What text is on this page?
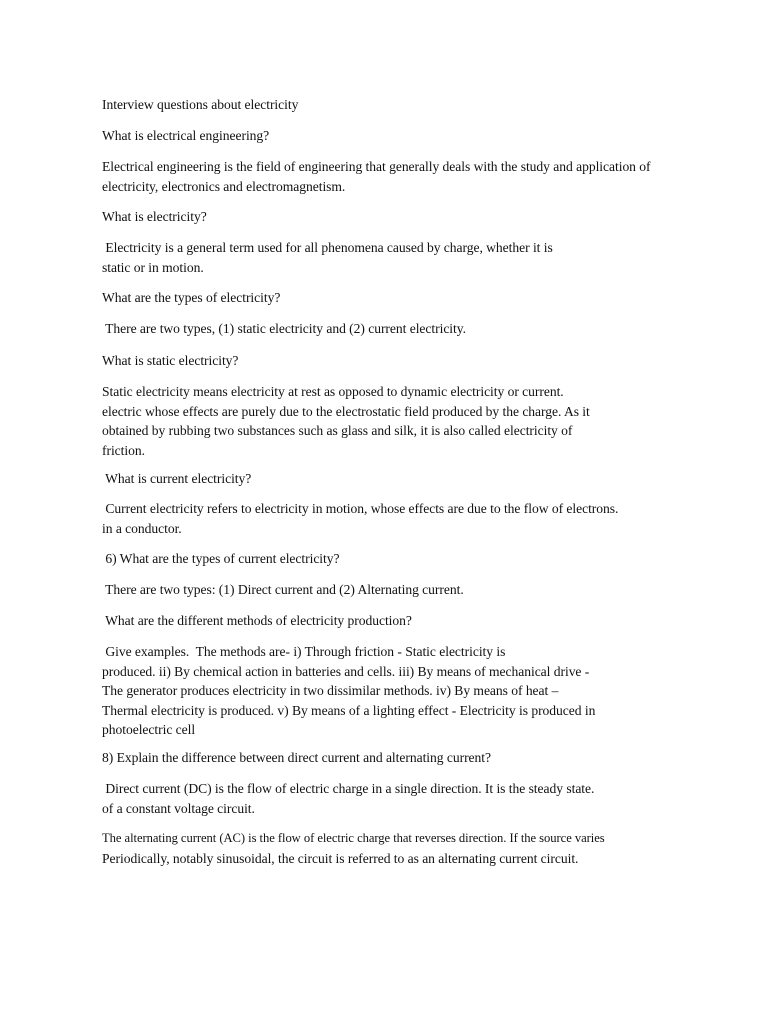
Interview questions about electricity

What is electrical engineering?

Electrical engineering is the field of engineering that generally deals with the study and application of
electricity, electronics and electromagnetism.

What is electricity?

Electricity is a general term used for all phenomena caused by charge, whether it is
static or in motion.

What are the types of electricity?

There are two types, (1) static electricity and (2) current electricity.

What is static electricity?

Static electricity means electricity at rest as opposed to dynamic electricity or current.
electric whose effects are purely due to the electrostatic field produced by the charge. As it
obtained by rubbing two substances such as glass and silk, it is also called electricity of
friction.

What is current electricity?

Current electricity refers to electricity in motion, whose effects are due to the flow of electrons.
in a conductor.

6) What are the types of current electricity?

There are two types: (1) Direct current and (2) Alternating current.

What are the different methods of electricity production?

Give examples.  The methods are- i) Through friction - Static electricity is
produced. ii) By chemical action in batteries and cells. iii) By means of mechanical drive -
The generator produces electricity in two dissimilar methods. iv) By means of heat –
Thermal electricity is produced. v) By means of a lighting effect - Electricity is produced in
photoelectric cell

8) Explain the difference between direct current and alternating current?

Direct current (DC) is the flow of electric charge in a single direction. It is the steady state.
of a constant voltage circuit.

The alternating current (AC) is the flow of electric charge that reverses direction. If the source varies
Periodically, notably sinusoidal, the circuit is referred to as an alternating current circuit.
